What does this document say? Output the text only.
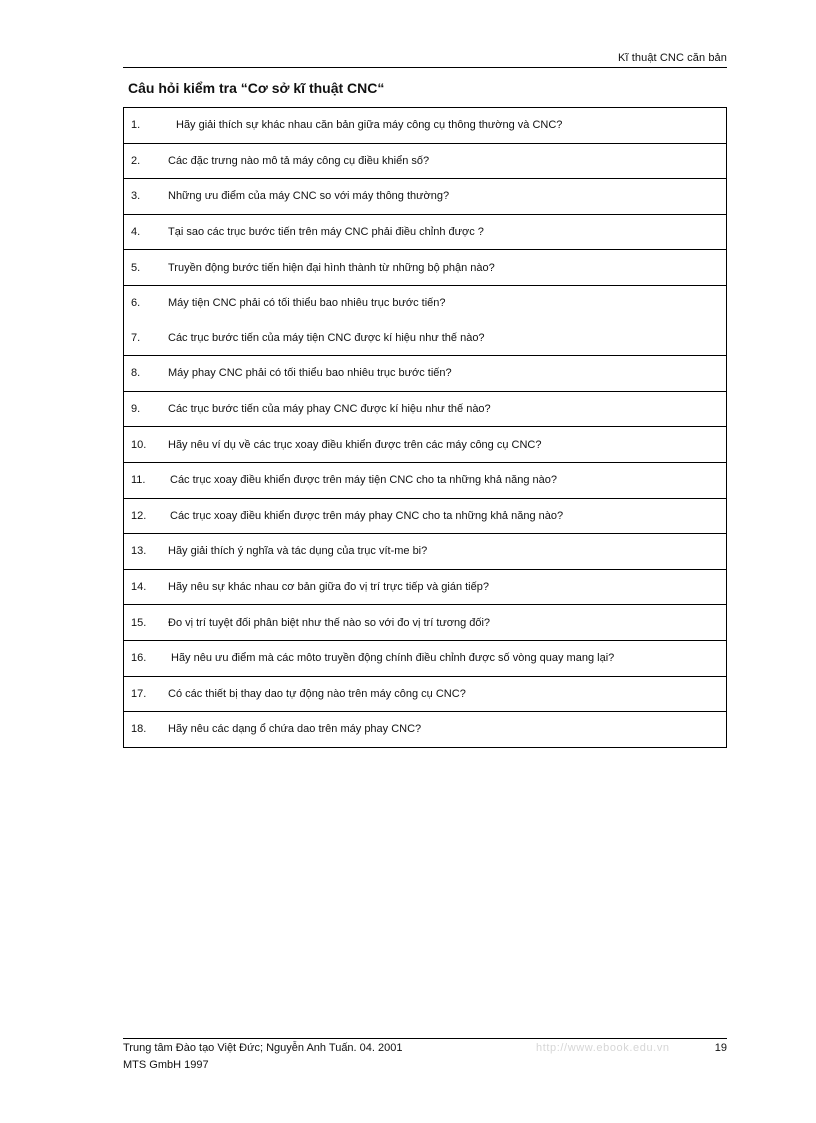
Kĩ thuật CNC căn bản
Câu hỏi kiểm tra “Cơ sở kĩ thuật CNC“
1.	Hãy giải thích sự khác nhau căn bản giữa máy công cụ thông thường và CNC?
2.	Các đặc trưng nào mô tả máy công cụ điều khiển số?
3.	Những ưu điểm của máy CNC so với máy thông thường?
4.	Tại sao các trục bước tiến trên máy CNC phải điều chỉnh được ?
5.	Truyền động bước tiến hiện đại hình thành từ những bộ phận nào?
6.	Máy tiện CNC phải có tối thiểu bao nhiêu trục bước tiến?
7.	Các trục bước tiến của máy tiện CNC được kí hiệu như thế nào?
8.	Máy phay CNC phải có tối thiểu bao nhiêu trục bước tiến?
9.	Các trục bước tiến của máy phay CNC được kí hiệu như thế nào?
10.	Hãy nêu ví dụ về các trục xoay điều khiển được trên các máy công cụ CNC?
11.	Các trục xoay điều khiển được trên máy tiện CNC cho ta những khả năng nào?
12.	Các trục xoay điều khiển được trên máy phay CNC cho ta những khả năng nào?
13.	Hãy giải thích ý nghĩa và tác dụng của trục vít-me bi?
14.	Hãy nêu sự khác nhau cơ bản giữa đo vị trí trực tiếp và gián tiếp?
15.	Đo vị trí tuyệt đối phân biệt như thế nào so với đo vị trí tương đối?
16.	Hãy nêu ưu điểm mà các môto truyền động chính điều chỉnh được số vòng quay mang lại?
17.	Có các thiết bị thay dao tự động nào trên máy công cụ CNC?
18.	Hãy nêu các dạng ổ chứa dao trên máy phay CNC?
Trung tâm Đào tạo Việt Đức; Nguyễn Anh Tuấn. 04. 2001
MTS GmbH 1997
http://www.ebook.edu.vn	19
